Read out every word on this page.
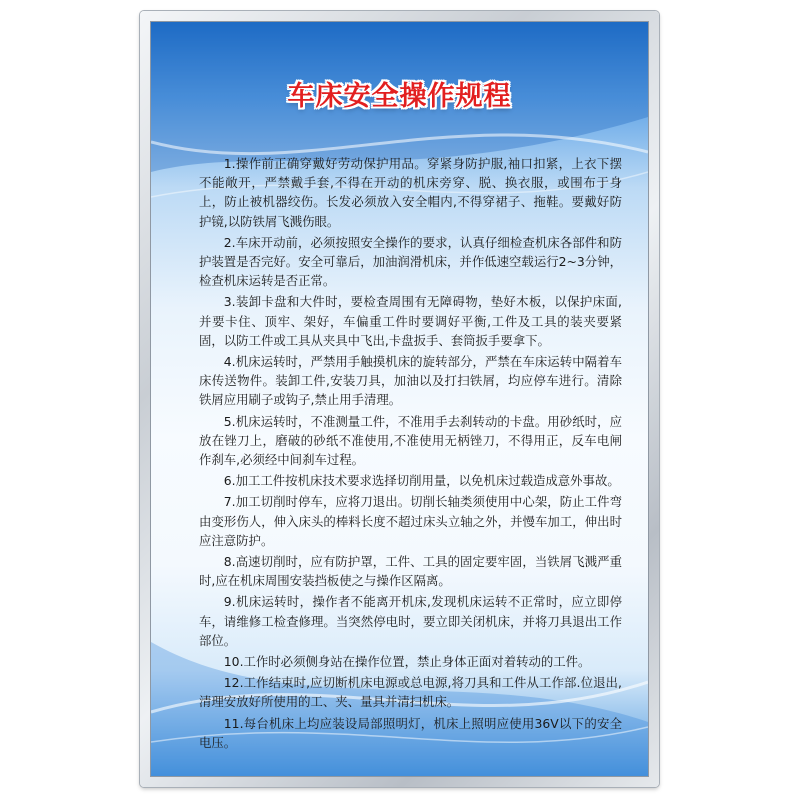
车床安全操作规程

1.操作前正确穿戴好劳动保护用品。穿紧身防护服,袖口扣紧，上衣下摆不能敞开，严禁戴手套,不得在开动的机床旁穿、脱、换衣服，或围布于身上，防止被机器绞伤。长发必须放入安全帽内,不得穿裙子、拖鞋。要戴好防护镜,以防铁屑飞溅伤眼。

2.车床开动前，必须按照安全操作的要求，认真仔细检查机床各部件和防护装置是否完好。安全可靠后，加油润滑机床，并作低速空载运行2~3分钟，检查机床运转是否正常。

3.装卸卡盘和大件时，要检查周围有无障碍物，垫好木板，以保护床面,并要卡住、顶牢、架好，车偏重工件时要调好平衡,工件及工具的装夹要紧固，以防工件或工具从夹具中飞出,卡盘扳手、套筒扳手要拿下。

4.机床运转时，严禁用手触摸机床的旋转部分，严禁在车床运转中隔着车床传送物件。装卸工件,安装刀具，加油以及打扫铁屑，均应停车进行。清除铁屑应用刷子或钩子,禁止用手清理。

5.机床运转时，不准测量工件，不准用手去刹转动的卡盘。用砂纸时，应放在锉刀上，磨破的砂纸不准使用,不准使用无柄锉刀，不得用正，反车电闸作刹车,必须经中间刹车过程。

6.加工工件按机床技术要求选择切削用量，以免机床过载造成意外事故。

7.加工切削时停车，应将刀退出。切削长轴类须使用中心架，防止工件弯由变形伤人，伸入床头的棒料长度不超过床头立轴之外，并慢车加工，伸出时应注意防护。

8.高速切削时，应有防护罩，工件、工具的固定要牢固，当铁屑飞溅严重时,应在机床周围安装挡板使之与操作区隔离。

9.机床运转时，操作者不能离开机床,发现机床运转不正常时，应立即停车，请维修工检查修理。当突然停电时，要立即关闭机床，并将刀具退出工作部位。

10.工作时必须侧身站在操作位置，禁止身体正面对着转动的工件。

12.工作结束时,应切断机床电源或总电源,将刀具和工件从工作部.位退出,清理安放好所使用的工、夹、量具并清扫机床。

11.每台机床上均应装设局部照明灯，机床上照明应使用36V以下的安全电压。
